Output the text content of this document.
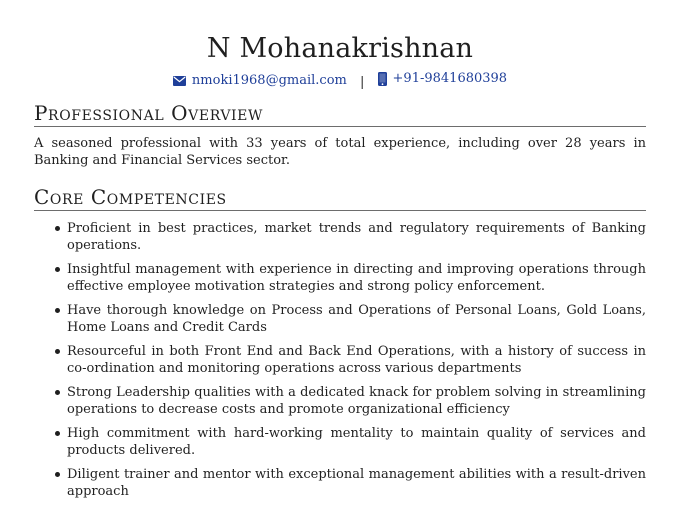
N Mohanakrishnan
nmoki1968@gmail.com | +91-9841680398
Professional Overview

A seasoned professional with 33 years of total experience, including over 28 years in Banking and Financial Services sector.

Core Competencies
Proficient in best practices, market trends and regulatory requirements of Banking operations.
Insightful management with experience in directing and improving operations through effective employee motivation strategies and strong policy enforcement.
Have thorough knowledge on Process and Operations of Personal Loans, Gold Loans, Home Loans and Credit Cards
Resourceful in both Front End and Back End Operations, with a history of success in co-ordination and monitoring operations across various departments
Strong Leadership qualities with a dedicated knack for problem solving in streamlining operations to decrease costs and promote organizational efficiency
High commitment with hard-working mentality to maintain quality of services and products delivered.
Diligent trainer and mentor with exceptional management abilities with a result-driven approach
